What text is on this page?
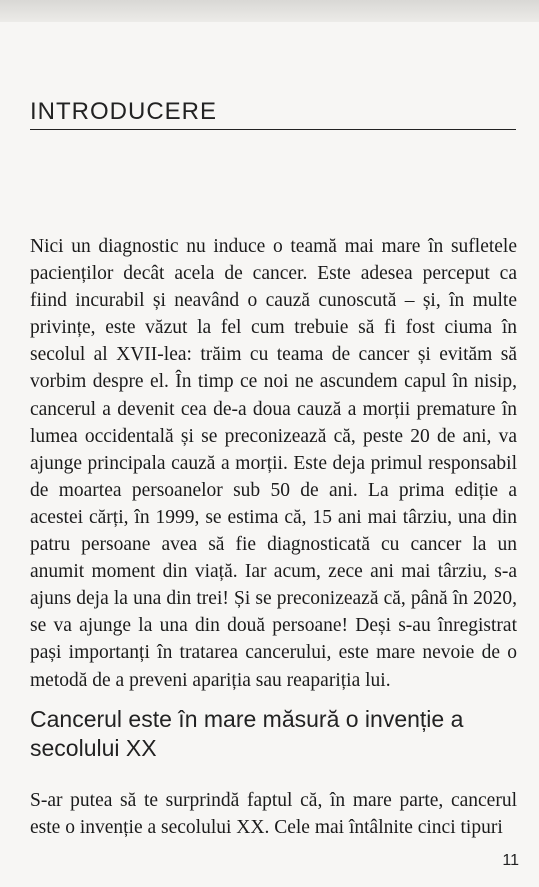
INTRODUCERE

Nici un diagnostic nu induce o teamă mai mare în sufletele pacienților decât acela de cancer. Este adesea perceput ca fiind incurabil și neavând o cauză cunoscută – și, în multe privințe, este văzut la fel cum trebuie să fi fost ciuma în secolul al XVII-lea: trăim cu teama de cancer și evităm să vorbim despre el. În timp ce noi ne ascundem capul în nisip, cancerul a devenit cea de-a doua cauză a morții premature în lumea occidentală și se preconizează că, peste 20 de ani, va ajunge principala cauză a morții. Este deja primul responsabil de moartea persoanelor sub 50 de ani. La prima ediție a acestei cărți, în 1999, se estima că, 15 ani mai târziu, una din patru persoane avea să fie diagnosticată cu cancer la un anumit moment din viață. Iar acum, zece ani mai târziu, s-a ajuns deja la una din trei! Și se preconizează că, până în 2020, se va ajunge la una din două persoane! Deși s-au înregistrat pași importanți în tratarea cancerului, este mare nevoie de o metodă de a preveni apariția sau reapariția lui.

Cancerul este în mare măsură o invenție a secolului XX

S-ar putea să te surprindă faptul că, în mare parte, cancerul este o invenție a secolului XX. Cele mai întâlnite cinci tipuri

11
